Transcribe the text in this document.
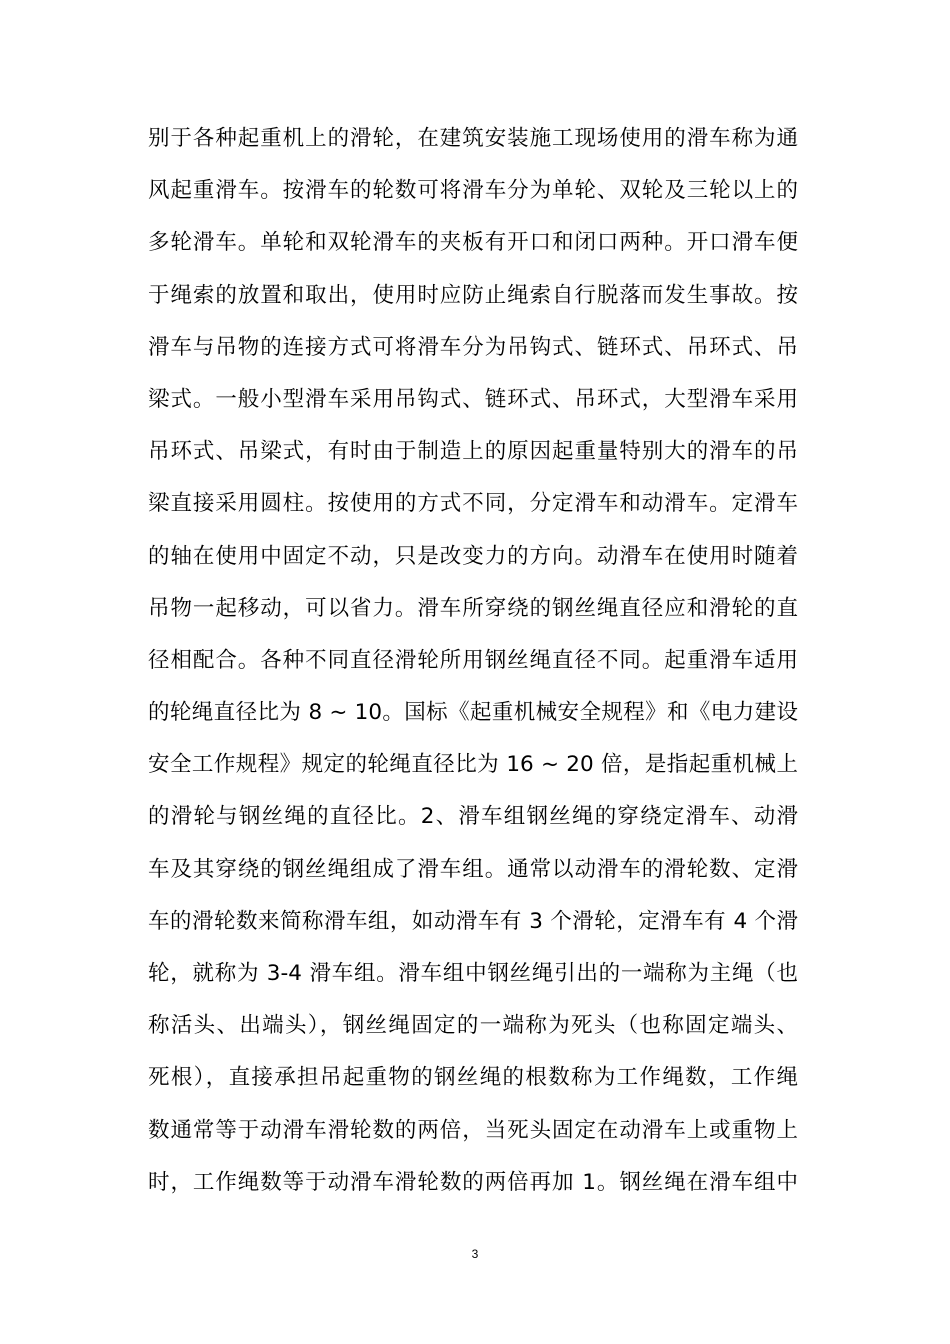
别于各种起重机上的滑轮，在建筑安装施工现场使用的滑车称为通
风起重滑车。按滑车的轮数可将滑车分为单轮、双轮及三轮以上的
多轮滑车。单轮和双轮滑车的夹板有开口和闭口两种。开口滑车便
于绳索的放置和取出，使用时应防止绳索自行脱落而发生事故。按
滑车与吊物的连接方式可将滑车分为吊钩式、链环式、吊环式、吊
梁式。一般小型滑车采用吊钩式、链环式、吊环式，大型滑车采用
吊环式、吊梁式，有时由于制造上的原因起重量特别大的滑车的吊
梁直接采用圆柱。按使用的方式不同，分定滑车和动滑车。定滑车
的轴在使用中固定不动，只是改变力的方向。动滑车在使用时随着
吊物一起移动，可以省力。滑车所穿绕的钢丝绳直径应和滑轮的直
径相配合。各种不同直径滑轮所用钢丝绳直径不同。起重滑车适用
的轮绳直径比为 8 ~ 10。国标《起重机械安全规程》和《电力建设
安全工作规程》规定的轮绳直径比为 16 ~ 20 倍，是指起重机械上
的滑轮与钢丝绳的直径比。2、滑车组钢丝绳的穿绕定滑车、动滑
车及其穿绕的钢丝绳组成了滑车组。通常以动滑车的滑轮数、定滑
车的滑轮数来简称滑车组，如动滑车有 3 个滑轮，定滑车有 4 个滑
轮，就称为 3-4 滑车组。滑车组中钢丝绳引出的一端称为主绳（也
称活头、出端头），钢丝绳固定的一端称为死头（也称固定端头、
死根），直接承担吊起重物的钢丝绳的根数称为工作绳数，工作绳
数通常等于动滑车滑轮数的两倍，当死头固定在动滑车上或重物上
时，工作绳数等于动滑车滑轮数的两倍再加 1。钢丝绳在滑车组中
3
